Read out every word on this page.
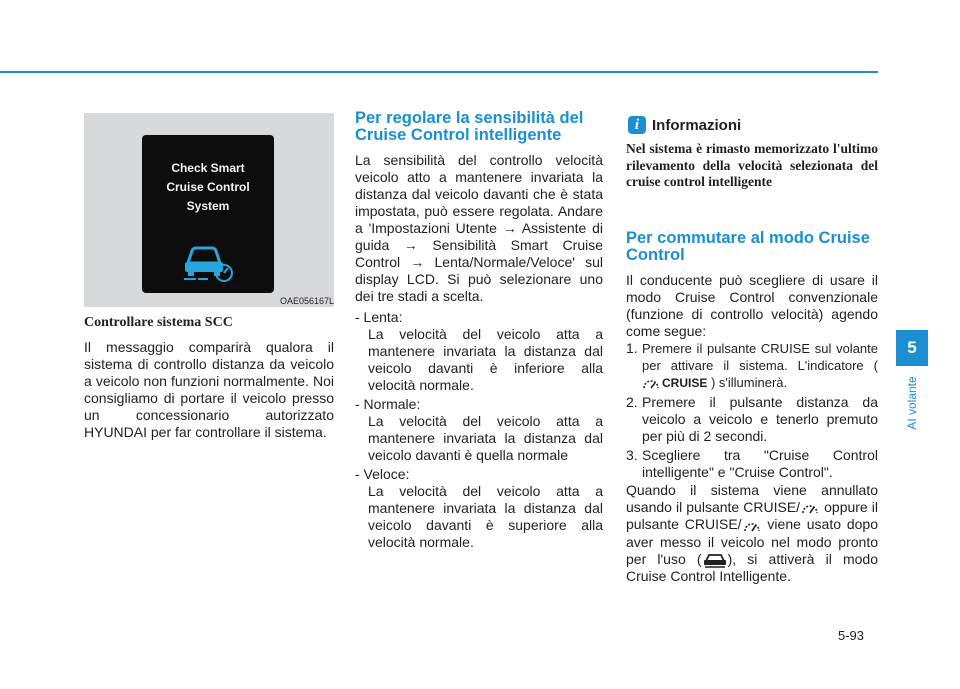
Check Smart
Cruise Control
System
OAE056167L
Controllare sistema SCC
Il messaggio comparirà qualora il sistema di controllo distanza da veicolo a veicolo non funzioni normalmente. Noi consigliamo di portare il veicolo presso un concessionario autorizzato HYUNDAI per far controllare il sistema.
Per regolare la sensibilità del Cruise Control intelligente
La sensibilità del controllo velocità veicolo atto a mantenere invariata la distanza dal veicolo davanti che è stata impostata, può essere regolata. Andare a 'Impostazioni Utente → Assistente di guida → Sensibilità Smart Cruise Control → Lenta/Normale/Veloce' sul display LCD. Si può selezionare uno dei tre stadi a scelta.
- Lenta:
La velocità del veicolo atta a mantenere invariata la distanza dal veicolo davanti è inferiore alla velocità normale.
- Normale:
La velocità del veicolo atta a mantenere invariata la distanza dal veicolo davanti è quella normale
- Veloce:
La velocità del veicolo atta a mantenere invariata la distanza dal veicolo davanti è superiore alla velocità normale.
i Informazioni
Nel sistema è rimasto memorizzato l'ultimo rilevamento della velocità selezionata del cruise control intelligente
Per commutare al modo Cruise Control
Il conducente può scegliere di usare il modo Cruise Control convenzionale (funzione di controllo velocità) agendo come segue:
1. Premere il pulsante CRUISE sul volante per attivare il sistema. L'indicatore (
CRUISE ) s'illuminerà.
2. Premere il pulsante distanza da veicolo a veicolo e tenerlo premuto per più di 2 secondi.
3. Scegliere tra "Cruise Control intelligente" e "Cruise Control".
Quando il sistema viene annullato usando il pulsante CRUISE/ oppure il pulsante CRUISE/ viene usato dopo aver messo il veicolo nel modo pronto per l'uso ( ), si attiverà il modo Cruise Control Intelligente.
5
AI volante
5-93
